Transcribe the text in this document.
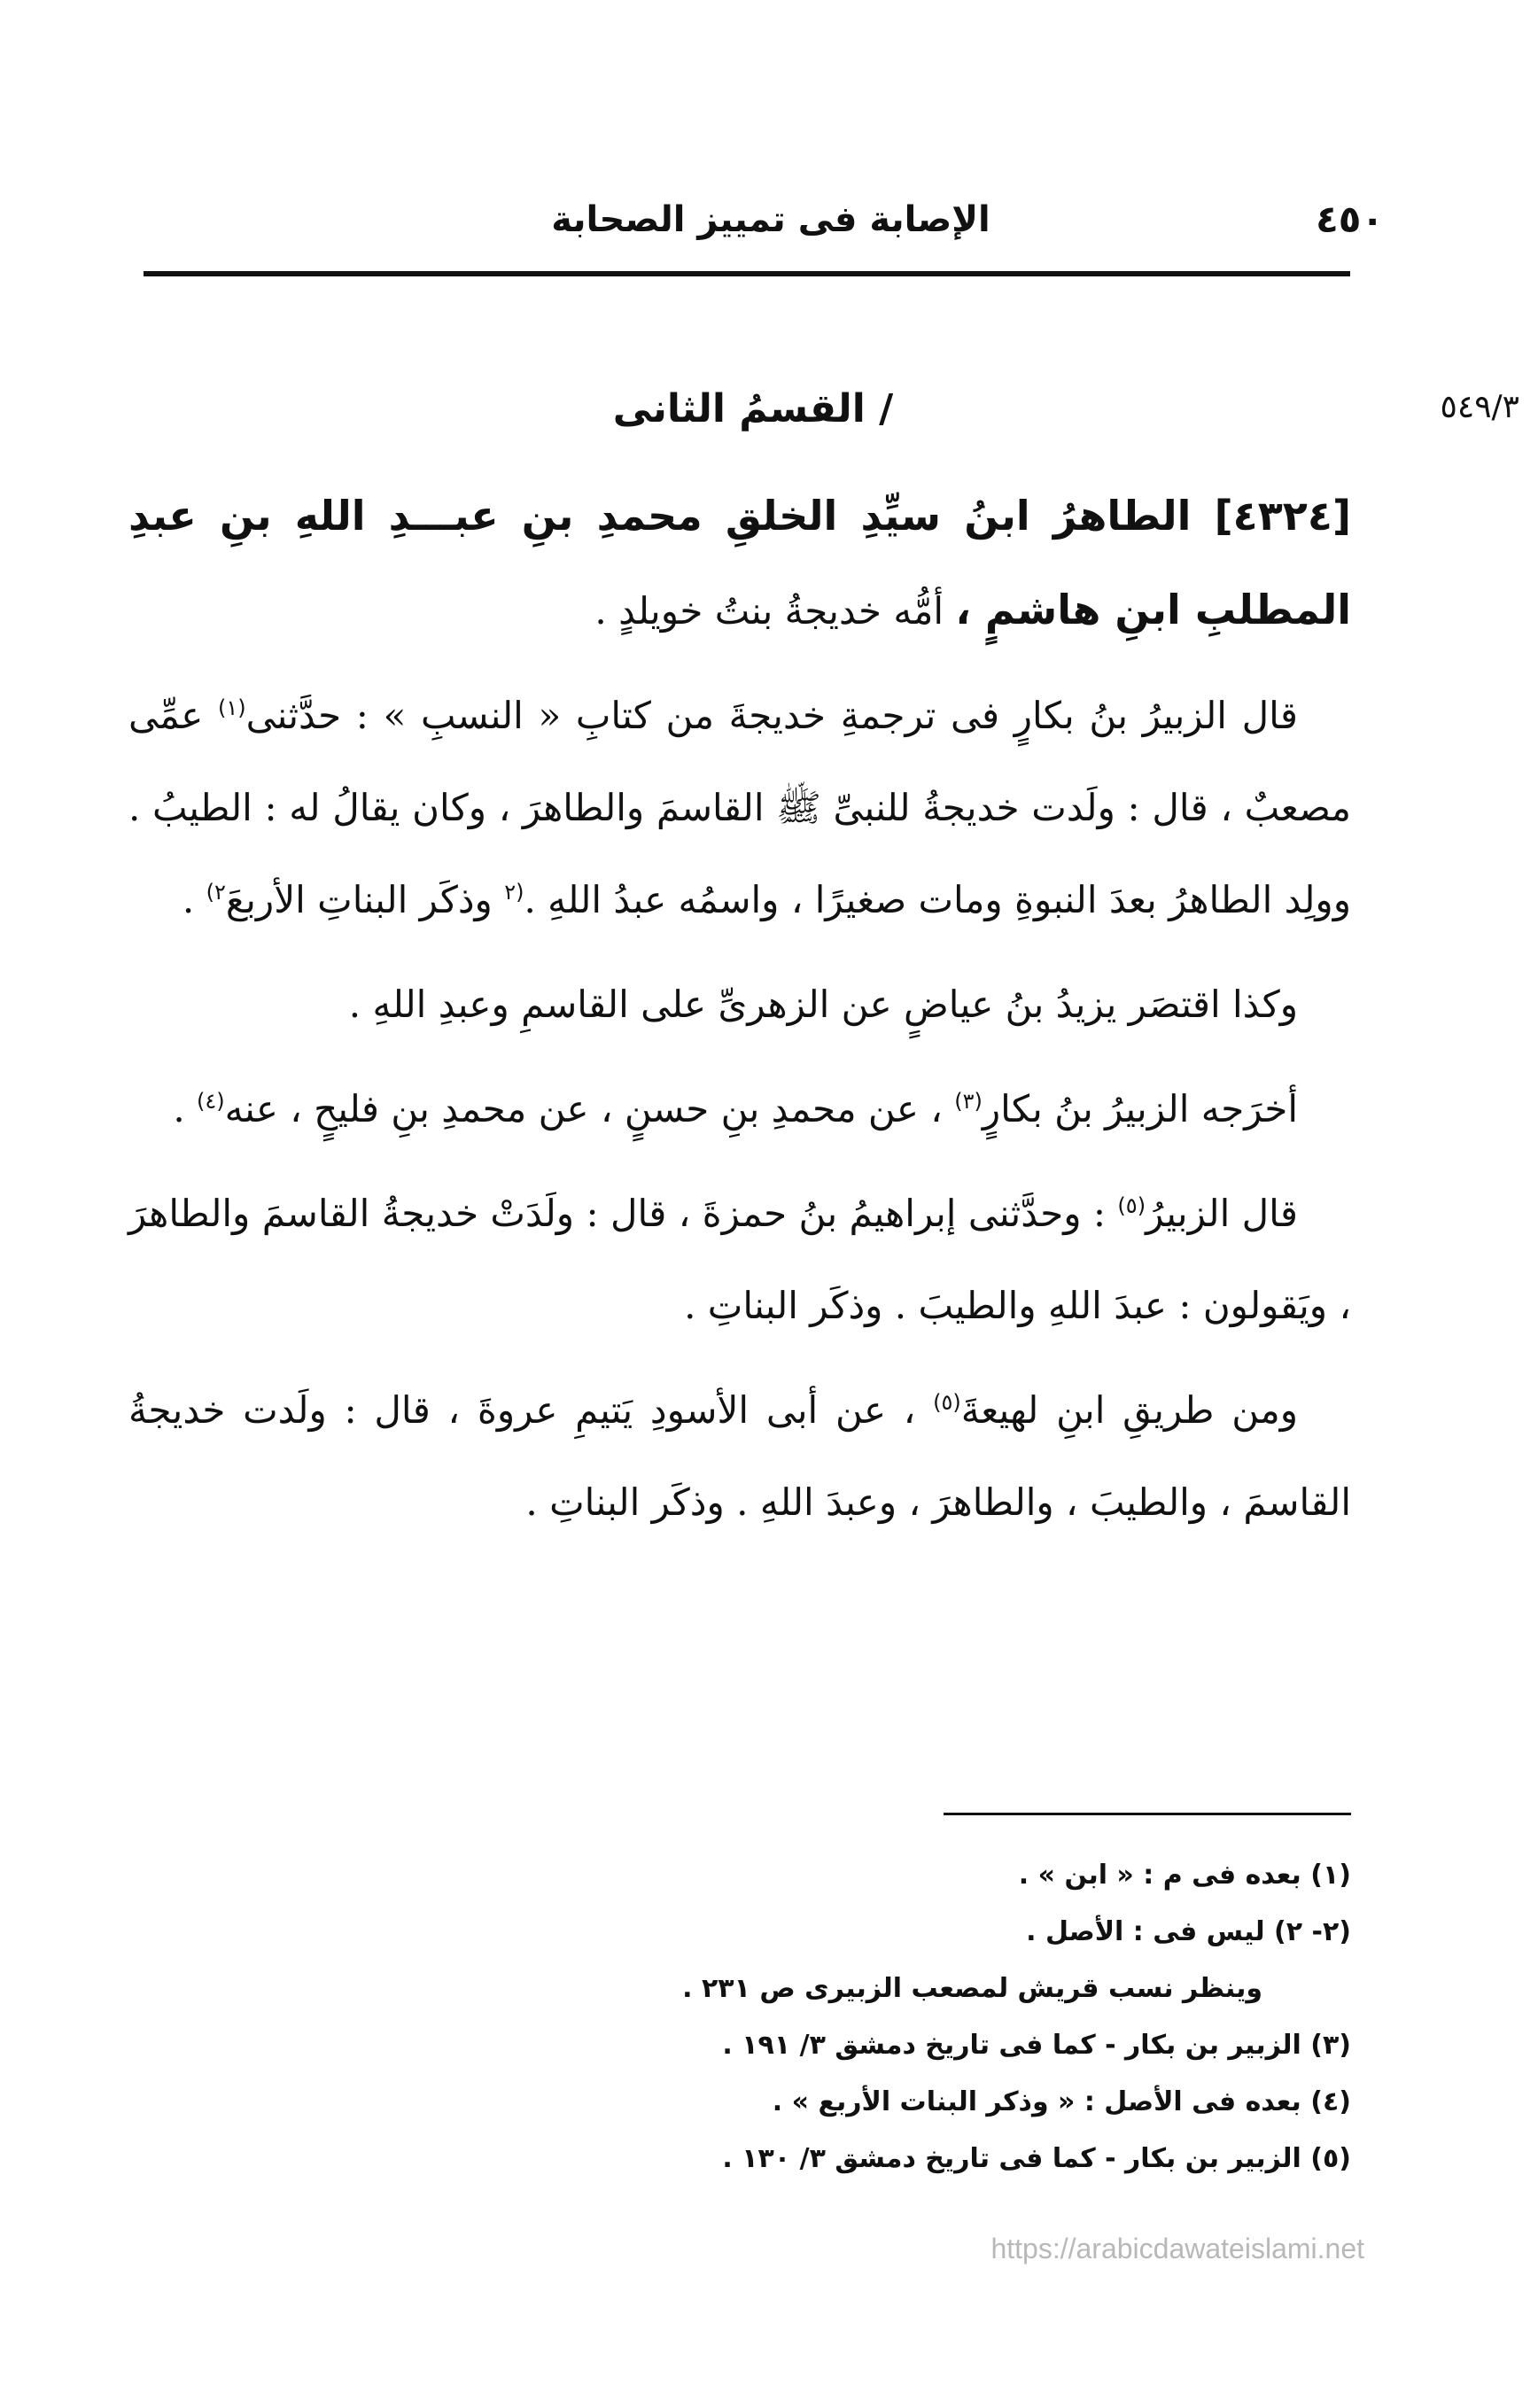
الإصابة فى تمييز الصحابة	٤٥٠
٥٤٩/٣
/ القسمُ الثانى

[٤٣٢٤] الطاهرُ ابنُ سيِّدِ الخلقِ محمدِ بنِ عبـــدِ اللهِ بنِ عبدِ المطلبِ ابنِ هاشمٍ ، أمُّه خديجةُ بنتُ خويلدٍ .

قال الزبيرُ بنُ بكارٍ فى ترجمةِ خديجةَ من كتابِ « النسبِ » : حدَّثنى$^{(١)}$ عمِّى مصعبٌ ، قال : ولَدت خديجةُ للنبىِّ ﷺ القاسمَ والطاهرَ ، وكان يقالُ له : الطيبُ . وولِد الطاهرُ بعدَ النبوةِ ومات صغيرًا ، واسمُه عبدُ اللهِ .$^{(٢}$ وذكَر البناتِ الأربعَ$^{٢)}$ .

وكذا اقتصَر يزيدُ بنُ عياضٍ عن الزهرىِّ على القاسمِ وعبدِ اللهِ .

أخرَجه الزبيرُ بنُ بكارٍ$^{(٣)}$ ، عن محمدِ بنِ حسنٍ ، عن محمدِ بنِ فليحٍ ، عنه$^{(٤)}$ .

قال الزبيرُ$^{(٥)}$ : وحدَّثنى إبراهيمُ بنُ حمزةَ ، قال : ولَدَتْ خديجةُ القاسمَ والطاهرَ ، ويَقولون : عبدَ اللهِ والطيبَ . وذكَر البناتِ .

ومن طريقِ ابنِ لهيعةَ$^{(٥)}$ ، عن أبى الأسودِ يَتيمِ عروةَ ، قال : ولَدت خديجةُ القاسمَ ، والطيبَ ، والطاهرَ ، وعبدَ اللهِ . وذكَر البناتِ .

(١) بعده فى م : « ابن » .

(٢- ٢) ليس فى : الأصل .

وينظر نسب قريش لمصعب الزبيرى ص ٢٣١ .

(٣) الزبير بن بكار - كما فى تاريخ دمشق ٣/ ١٩١ .

(٤) بعده فى الأصل : « وذكر البنات الأربع » .

(٥) الزبير بن بكار - كما فى تاريخ دمشق ٣/ ١٣٠ .

https://arabicdawateislami.net
